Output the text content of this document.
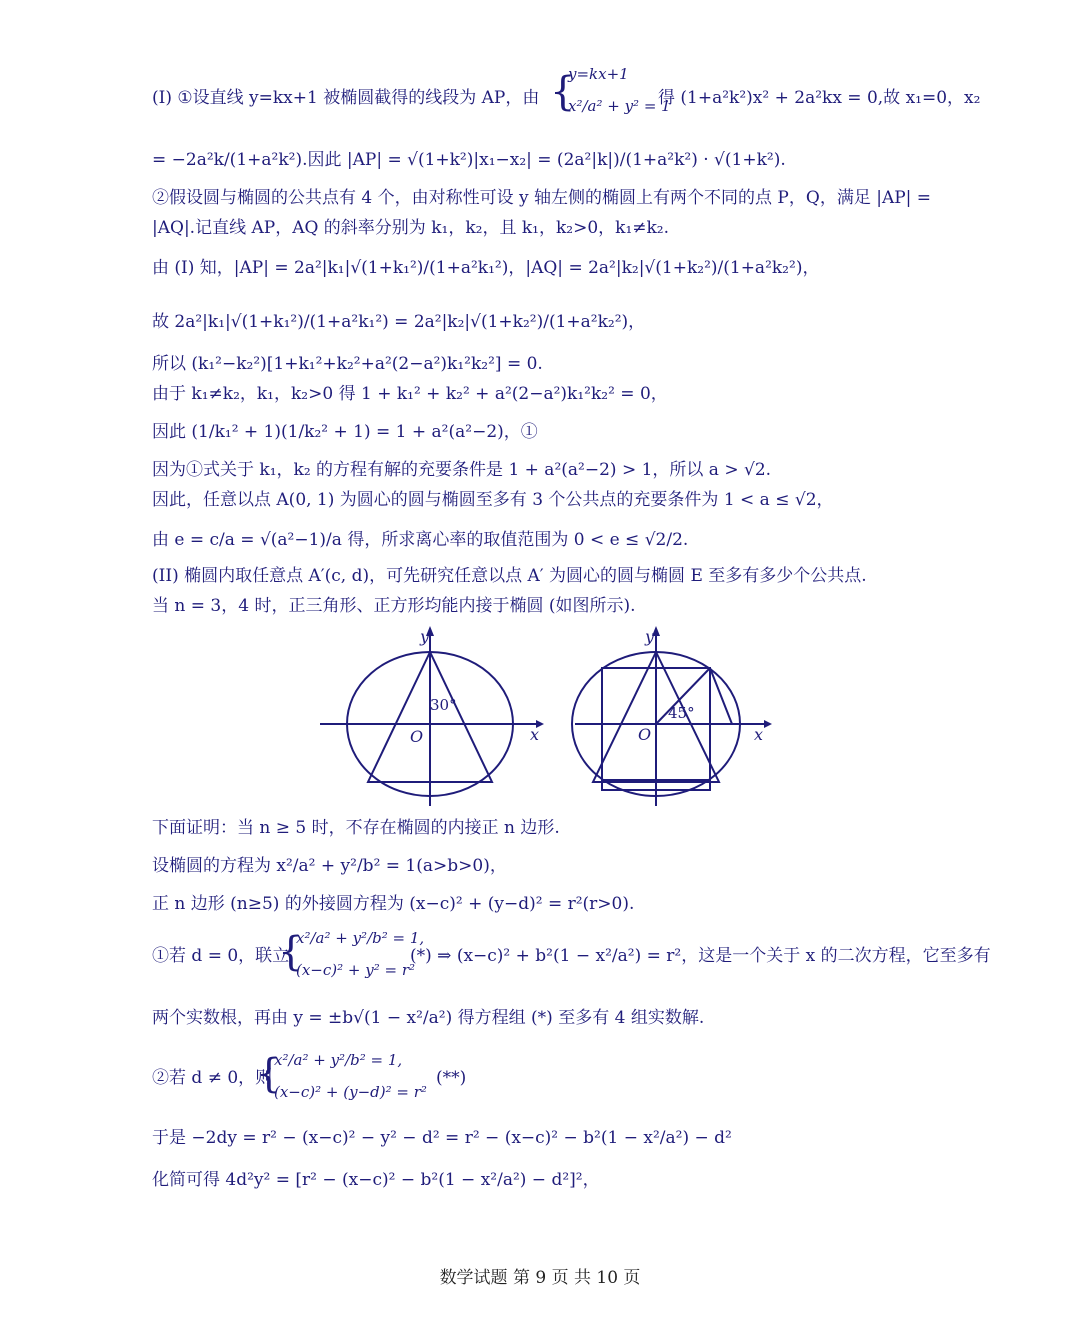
(I) ①设直线 y=kx+1 被椭圆截得的线段为 AP，由 {
y=kx+1
x²/a² + y² = 1
得 (1+a²k²)x² + 2a²kx = 0,故 x₁=0，x₂
= −2a²k/(1+a²k²).因此 |AP| = √(1+k²)|x₁−x₂| = (2a²|k|)/(1+a²k²) · √(1+k²).
②假设圆与椭圆的公共点有 4 个，由对称性可设 y 轴左侧的椭圆上有两个不同的点 P，Q，满足 |AP| =
|AQ|.记直线 AP，AQ 的斜率分别为 k₁，k₂，且 k₁，k₂>0，k₁≠k₂.
由 (I) 知，|AP| = 2a²|k₁|√(1+k₁²)/(1+a²k₁²)，|AQ| = 2a²|k₂|√(1+k₂²)/(1+a²k₂²)，
故 2a²|k₁|√(1+k₁²)/(1+a²k₁²) = 2a²|k₂|√(1+k₂²)/(1+a²k₂²)，
所以 (k₁²−k₂²)[1+k₁²+k₂²+a²(2−a²)k₁²k₂²] = 0.
由于 k₁≠k₂，k₁，k₂>0 得 1 + k₁² + k₂² + a²(2−a²)k₁²k₂² = 0，
因此 (1/k₁² + 1)(1/k₂² + 1) = 1 + a²(a²−2)，①
因为①式关于 k₁，k₂ 的方程有解的充要条件是 1 + a²(a²−2) > 1，所以 a > √2.
因此，任意以点 A(0, 1) 为圆心的圆与椭圆至多有 3 个公共点的充要条件为 1 < a ≤ √2，
由 e = c/a = √(a²−1)/a 得，所求离心率的取值范围为 0 < e ≤ √2/2.
(II) 椭圆内取任意点 A′(c, d)，可先研究任意以点 A′ 为圆心的圆与椭圆 E 至多有多少个公共点.
当 n = 3，4 时，正三角形、正方形均能内接于椭圆 (如图所示).
y
x
O
30°
y
x
O
45°
下面证明：当 n ≥ 5 时，不存在椭圆的内接正 n 边形.
设椭圆的方程为 x²/a² + y²/b² = 1(a>b>0)，
正 n 边形 (n≥5) 的外接圆方程为 (x−c)² + (y−d)² = r²(r>0).
①若 d = 0，联立
{
x²/a² + y²/b² = 1,
(x−c)² + y² = r²
(*) ⇒ (x−c)² + b²(1 − x²/a²) = r²，这是一个关于 x 的二次方程，它至多有
两个实数根，再由 y = ±b√(1 − x²/a²) 得方程组 (*) 至多有 4 组实数解.
②若 d ≠ 0，则
{
x²/a² + y²/b² = 1,
(x−c)² + (y−d)² = r²
(**)
于是 −2dy = r² − (x−c)² − y² − d² = r² − (x−c)² − b²(1 − x²/a²) − d²
化简可得 4d²y² = [r² − (x−c)² − b²(1 − x²/a²) − d²]²，
数学试题 第 9 页 共 10 页
